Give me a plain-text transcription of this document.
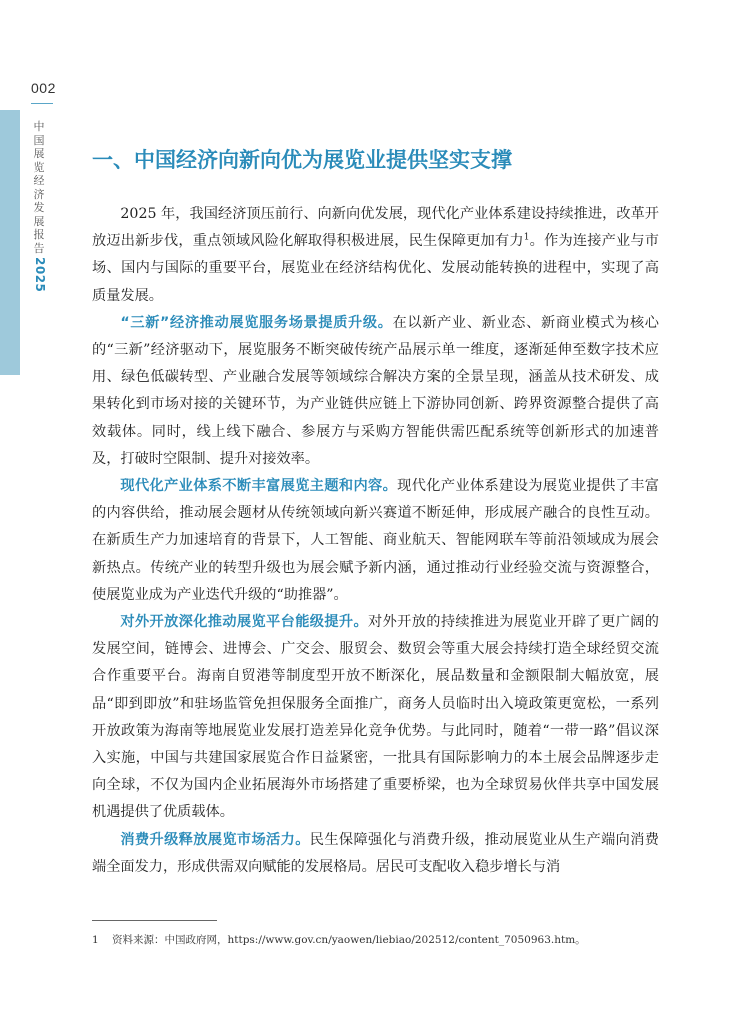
002
中
国
展
览
经
济
发
展
报
告
2025
一、中国经济向新向优为展览业提供坚实支撑

2025 年，我国经济顶压前行、向新向优发展，现代化产业体系建设持续推进，改革开放迈出新步伐，重点领域风险化解取得积极进展，民生保障更加有力$^1$。作为连接产业与市场、国内与国际的重要平台，展览业在经济结构优化、发展动能转换的进程中，实现了高质量发展。

“三新”经济推动展览服务场景提质升级。在以新产业、新业态、新商业模式为核心的“三新”经济驱动下，展览服务不断突破传统产品展示单一维度，逐渐延伸至数字技术应用、绿色低碳转型、产业融合发展等领域综合解决方案的全景呈现，涵盖从技术研发、成果转化到市场对接的关键环节，为产业链供应链上下游协同创新、跨界资源整合提供了高效载体。同时，线上线下融合、参展方与采购方智能供需匹配系统等创新形式的加速普及，打破时空限制、提升对接效率。

现代化产业体系不断丰富展览主题和内容。现代化产业体系建设为展览业提供了丰富的内容供给，推动展会题材从传统领域向新兴赛道不断延伸，形成展产融合的良性互动。在新质生产力加速培育的背景下，人工智能、商业航天、智能网联车等前沿领域成为展会新热点。传统产业的转型升级也为展会赋予新内涵，通过推动行业经验交流与资源整合，使展览业成为产业迭代升级的“助推器”。

对外开放深化推动展览平台能级提升。对外开放的持续推进为展览业开辟了更广阔的发展空间，链博会、进博会、广交会、服贸会、数贸会等重大展会持续打造全球经贸交流合作重要平台。海南自贸港等制度型开放不断深化，展品数量和金额限制大幅放宽，展品“即到即放”和驻场监管免担保服务全面推广，商务人员临时出入境政策更宽松，一系列开放政策为海南等地展览业发展打造差异化竞争优势。与此同时，随着“一带一路”倡议深入实施，中国与共建国家展览合作日益紧密，一批具有国际影响力的本土展会品牌逐步走向全球，不仅为国内企业拓展海外市场搭建了重要桥梁，也为全球贸易伙伴共享中国发展机遇提供了优质载体。

消费升级释放展览市场活力。民生保障强化与消费升级，推动展览业从生产端向消费端全面发力，形成供需双向赋能的发展格局。居民可支配收入稳步增长与消

1 资料来源：中国政府网，https://www.gov.cn/yaowen/liebiao/202512/content_7050963.htm。
